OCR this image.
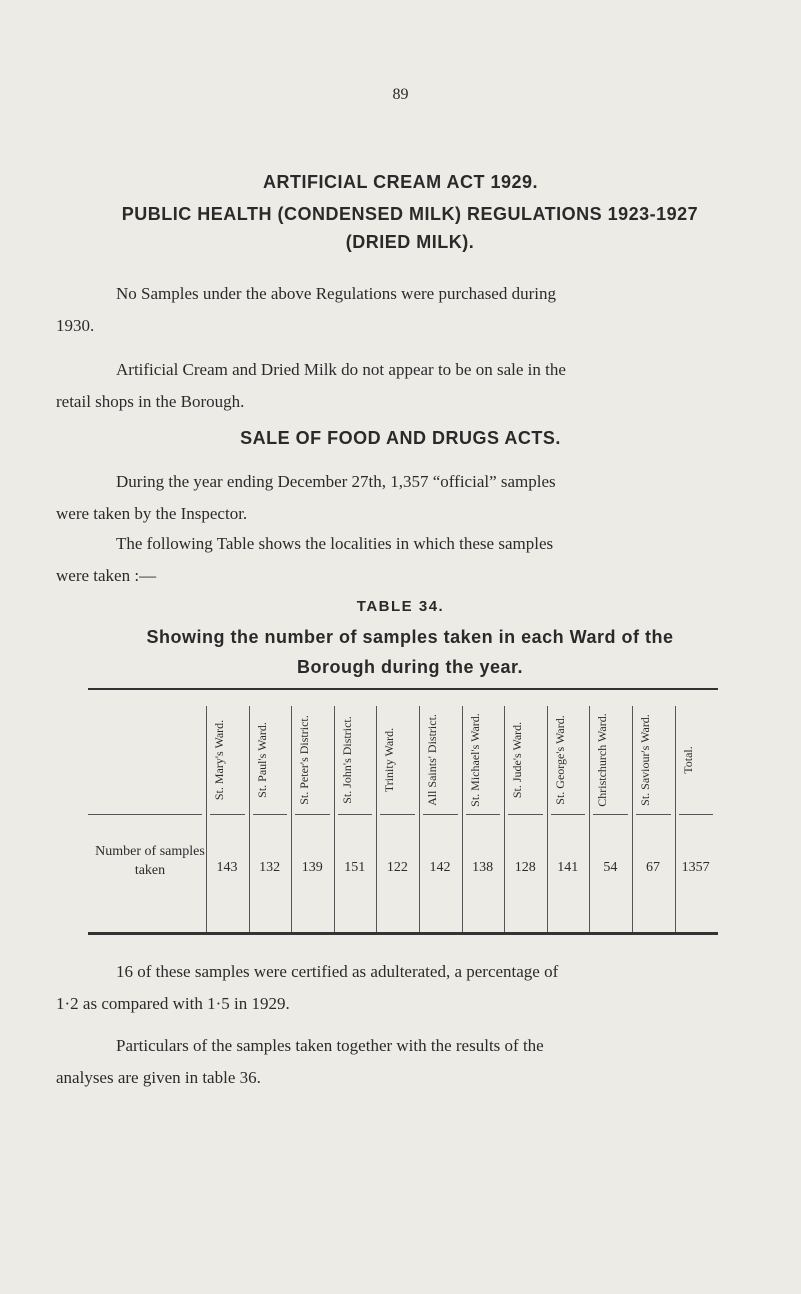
89
ARTIFICIAL CREAM ACT 1929.
PUBLIC HEALTH (CONDENSED MILK) REGULATIONS 1923-1927
(DRIED MILK).
No Samples under the above Regulations were purchased during
1930.
Artificial Cream and Dried Milk do not appear to be on sale in the
retail shops in the Borough.
SALE OF FOOD AND DRUGS ACTS.
During the year ending December 27th, 1,357 “official” samples
were taken by the Inspector.
The following Table shows the localities in which these samples
were taken :—
TABLE 34.
Showing the number of samples taken in each Ward of the
Borough during the year.
Number of samples taken
St. Mary's Ward.
143
St. Paul's Ward.
132
St. Peter's District.
139
St. John's District.
151
Trinity Ward.
122
All Saints' District.
142
St. Michael's Ward.
138
St. Jude's Ward.
128
St. George's Ward.
141
Christchurch Ward.
54
St. Saviour's Ward.
67
Total.
1357
16 of these samples were certified as adulterated, a percentage of
1·2 as compared with 1·5 in 1929.
Particulars of the samples taken together with the results of the
analyses are given in table 36.
